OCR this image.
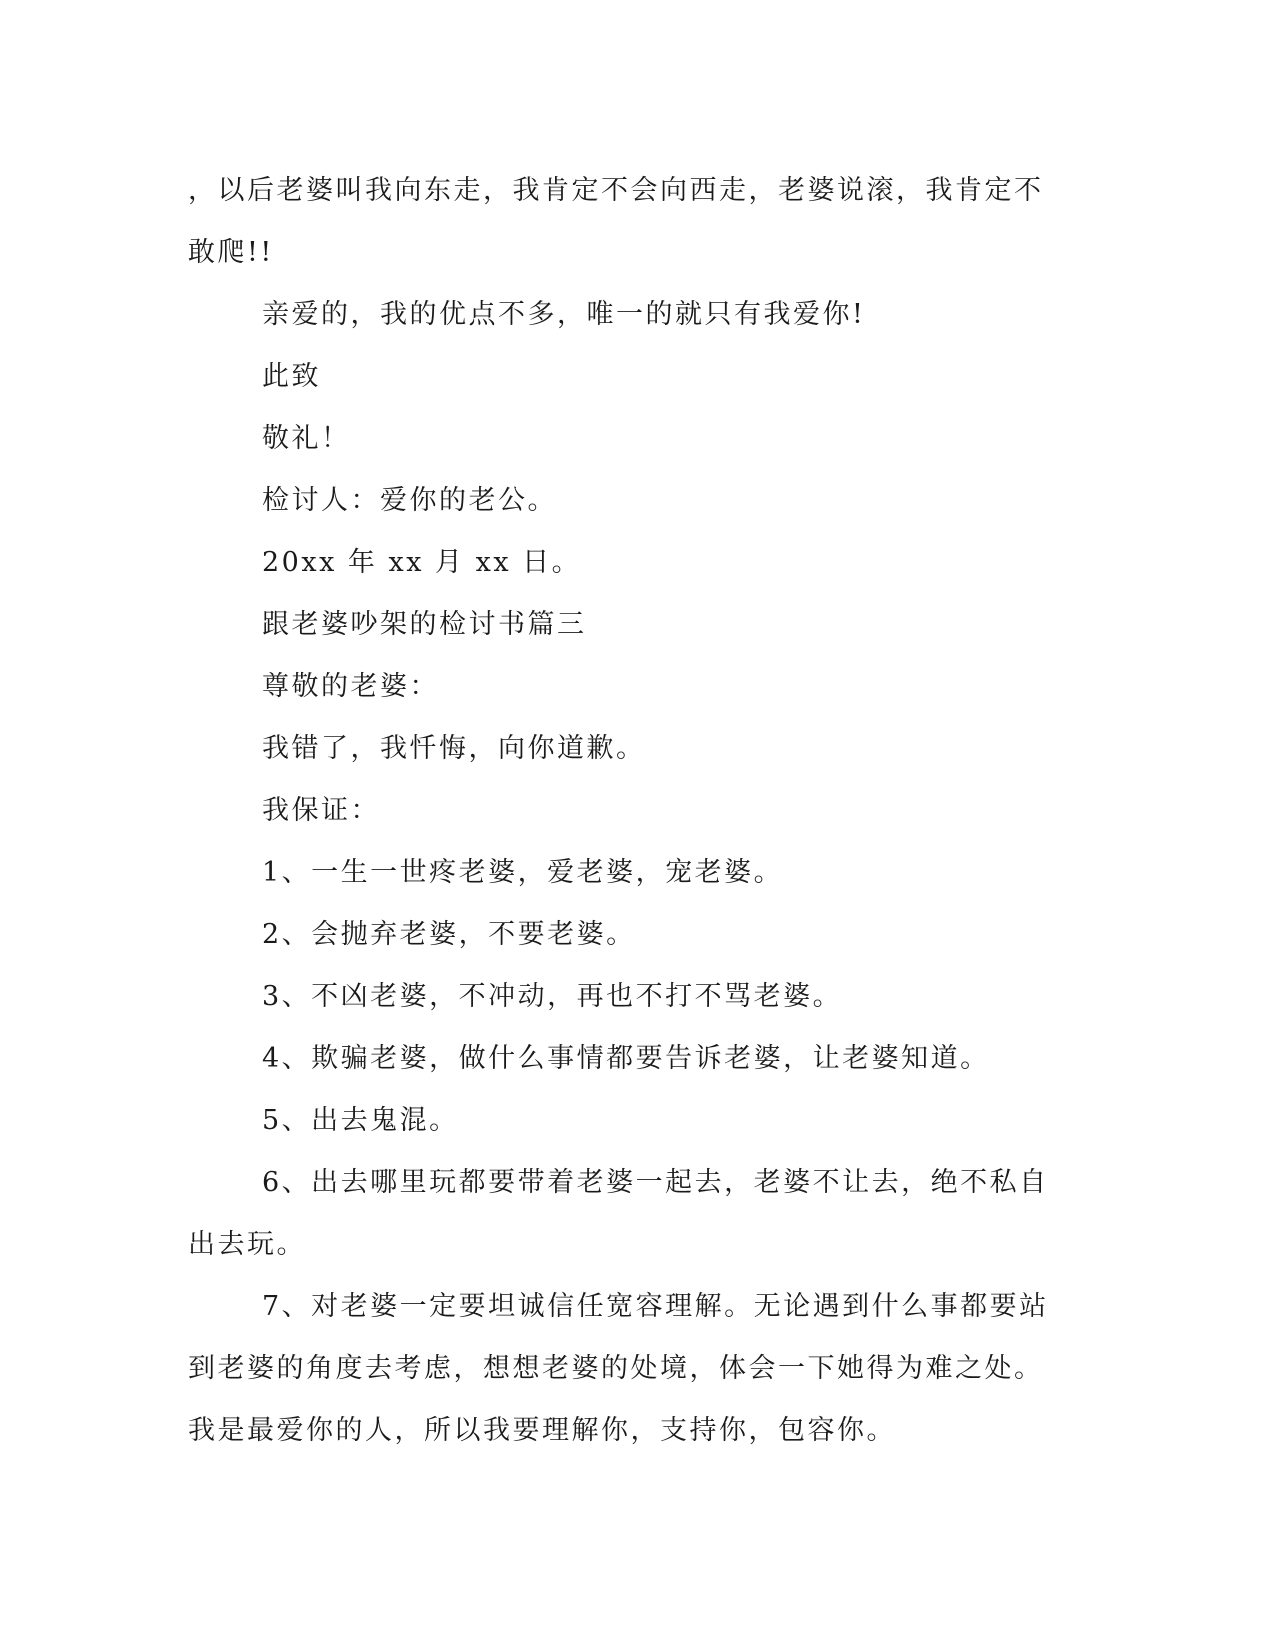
，以后老婆叫我向东走，我肯定不会向西走，老婆说滚，我肯定不敢爬!!

亲爱的，我的优点不多，唯一的就只有我爱你!

此致

敬礼！

检讨人：爱你的老公。

20xx 年 xx 月 xx 日。

跟老婆吵架的检讨书篇三

尊敬的老婆：

我错了，我忏悔，向你道歉。

我保证：

1、一生一世疼老婆，爱老婆，宠老婆。

2、会抛弃老婆，不要老婆。

3、不凶老婆，不冲动，再也不打不骂老婆。

4、欺骗老婆，做什么事情都要告诉老婆，让老婆知道。

5、出去鬼混。

6、出去哪里玩都要带着老婆一起去，老婆不让去，绝不私自出去玩。

7、对老婆一定要坦诚信任宽容理解。无论遇到什么事都要站到老婆的角度去考虑，想想老婆的处境，体会一下她得为难之处。我是最爱你的人，所以我要理解你，支持你，包容你。
